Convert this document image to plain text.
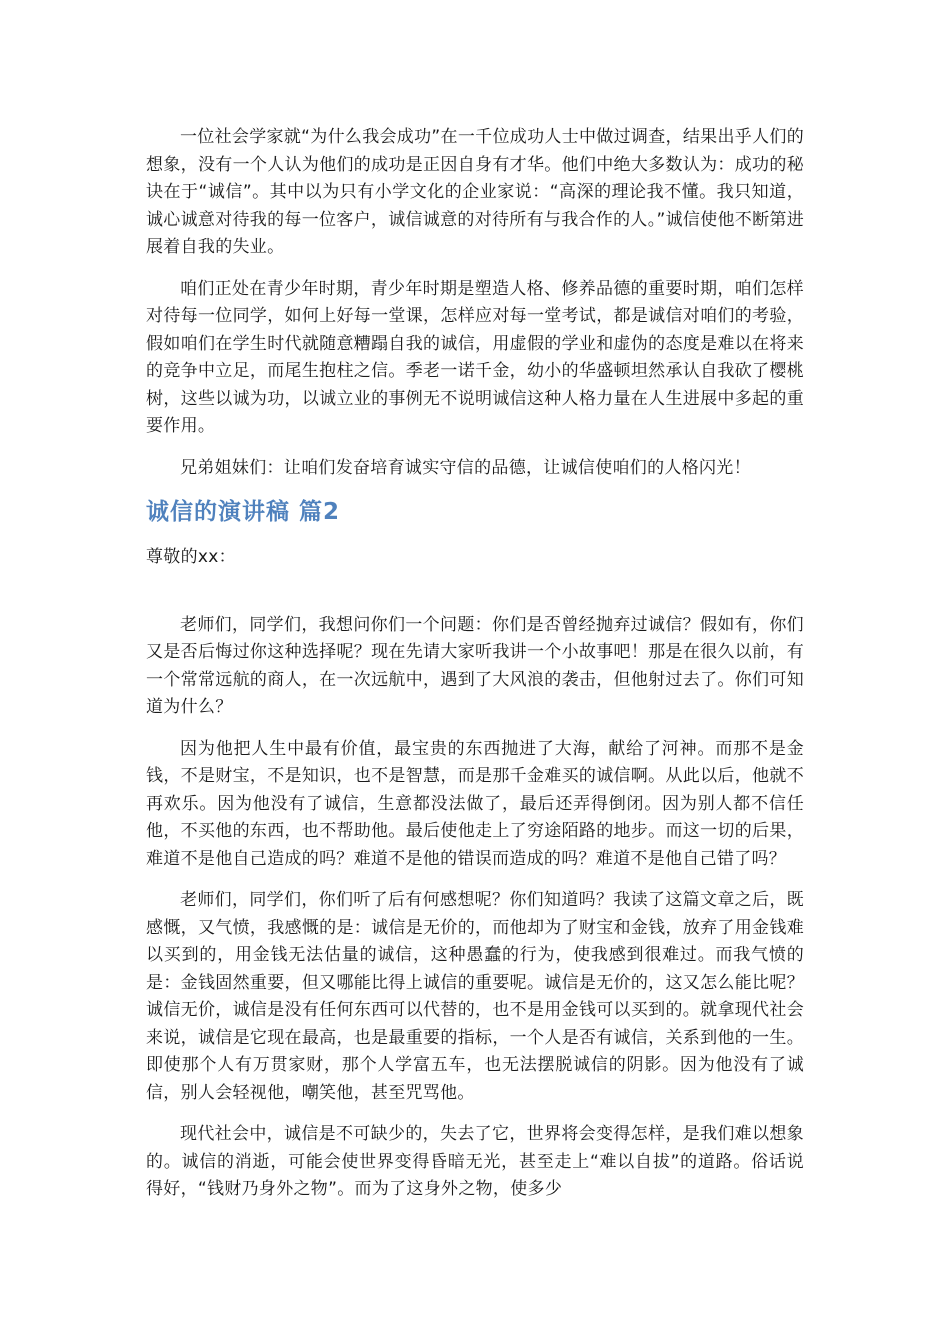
一位社会学家就“为什么我会成功”在一千位成功人士中做过调查，结果出乎人们的想象，没有一个人认为他们的成功是正因自身有才华。他们中绝大多数认为：成功的秘诀在于“诚信”。其中以为只有小学文化的企业家说：“高深的理论我不懂。我只知道，诚心诚意对待我的每一位客户，诚信诚意的对待所有与我合作的人。”诚信使他不断第进展着自我的失业。

咱们正处在青少年时期，青少年时期是塑造人格、修养品德的重要时期，咱们怎样对待每一位同学，如何上好每一堂课，怎样应对每一堂考试，都是诚信对咱们的考验，假如咱们在学生时代就随意糟蹋自我的诚信，用虚假的学业和虚伪的态度是难以在将来的竞争中立足，而尾生抱柱之信。季老一诺千金，幼小的华盛顿坦然承认自我砍了樱桃树，这些以诚为功，以诚立业的事例无不说明诚信这种人格力量在人生进展中多起的重要作用。

兄弟姐妹们：让咱们发奋培育诚实守信的品德，让诚信使咱们的人格闪光！

诚信的演讲稿 篇2

尊敬的xx：

老师们，同学们，我想问你们一个问题：你们是否曾经抛弃过诚信？假如有，你们又是否后悔过你这种选择呢？现在先请大家听我讲一个小故事吧！那是在很久以前，有一个常常远航的商人，在一次远航中，遇到了大风浪的袭击，但他射过去了。你们可知道为什么？

因为他把人生中最有价值，最宝贵的东西抛进了大海，献给了河神。而那不是金钱，不是财宝，不是知识，也不是智慧，而是那千金难买的诚信啊。从此以后，他就不再欢乐。因为他没有了诚信，生意都没法做了，最后还弄得倒闭。因为别人都不信任他，不买他的东西，也不帮助他。最后使他走上了穷途陌路的地步。而这一切的后果，难道不是他自己造成的吗？难道不是他的错误而造成的吗？难道不是他自己错了吗？

老师们，同学们，你们听了后有何感想呢？你们知道吗？我读了这篇文章之后，既感慨，又气愤，我感慨的是：诚信是无价的，而他却为了财宝和金钱，放弃了用金钱难以买到的，用金钱无法估量的诚信，这种愚蠢的行为，使我感到很难过。而我气愤的是：金钱固然重要，但又哪能比得上诚信的重要呢。诚信是无价的，这又怎么能比呢？诚信无价，诚信是没有任何东西可以代替的，也不是用金钱可以买到的。就拿现代社会来说，诚信是它现在最高，也是最重要的指标，一个人是否有诚信，关系到他的一生。即使那个人有万贯家财，那个人学富五车，也无法摆脱诚信的阴影。因为他没有了诚信，别人会轻视他，嘲笑他，甚至咒骂他。

现代社会中，诚信是不可缺少的，失去了它，世界将会变得怎样，是我们难以想象的。诚信的消逝，可能会使世界变得昏暗无光，甚至走上“难以自拔”的道路。俗话说得好，“钱财乃身外之物”。而为了这身外之物，使多少
